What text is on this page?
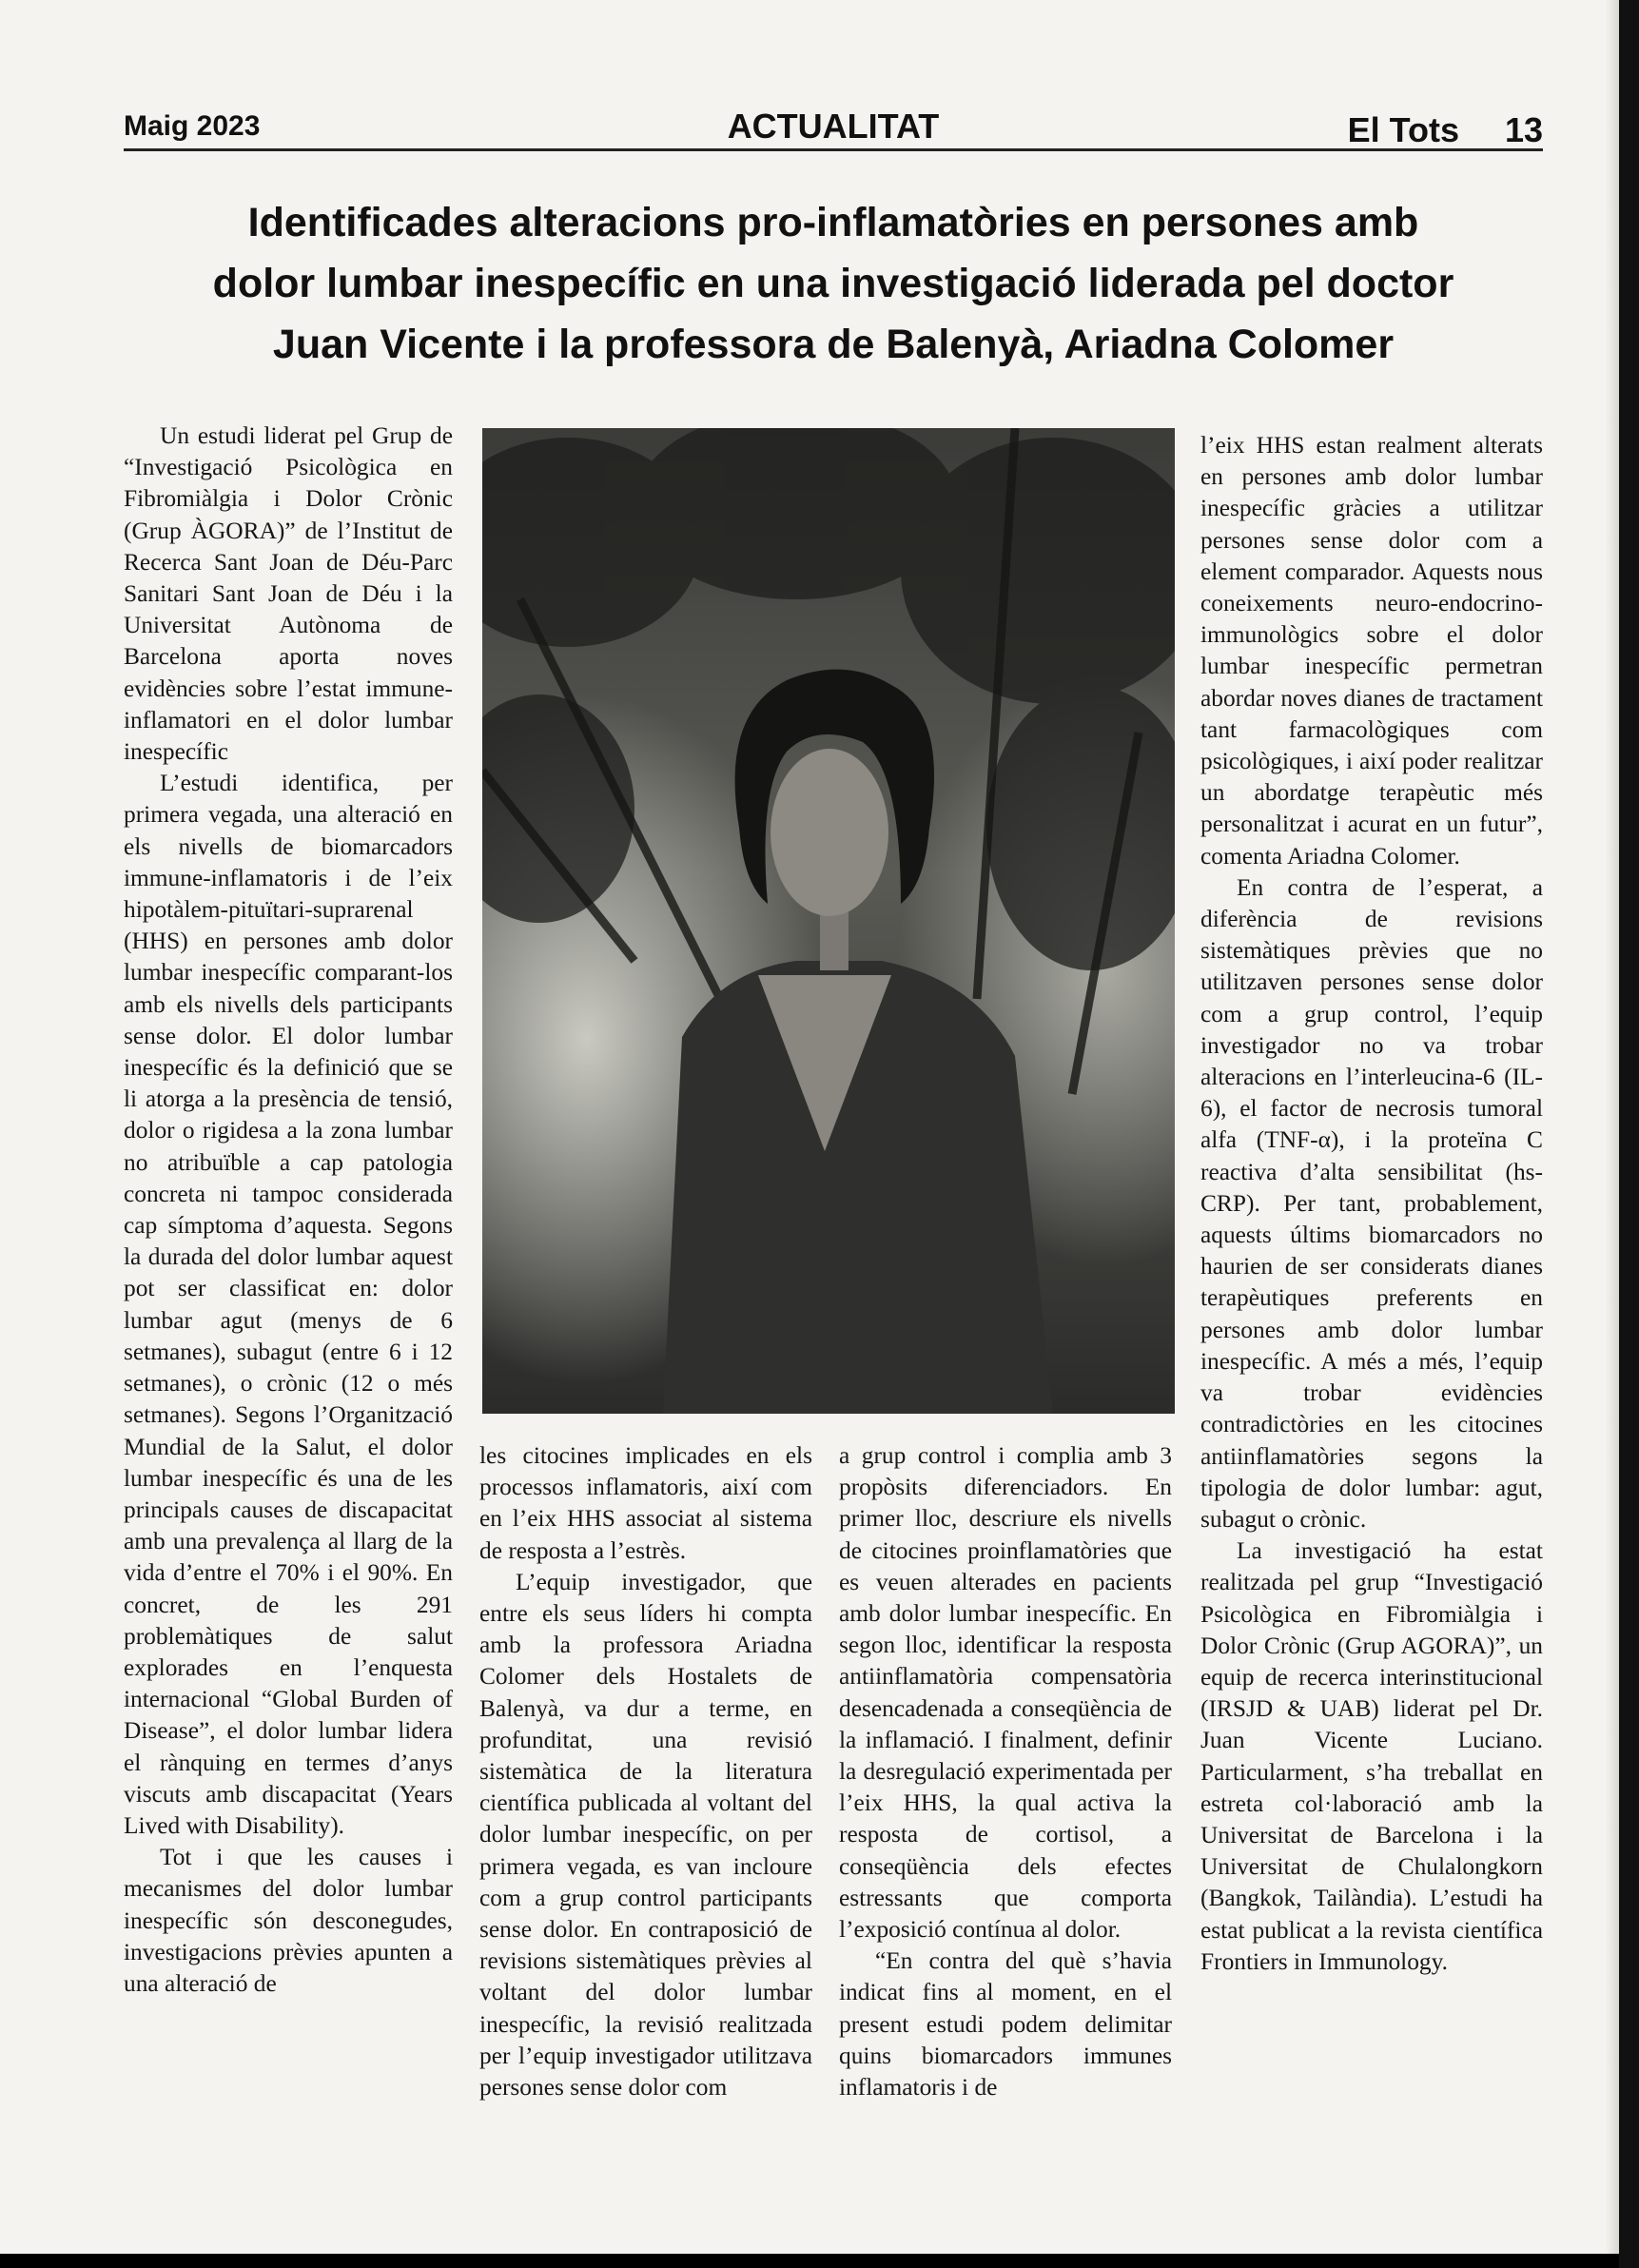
Maig 2023	ACTUALITAT	El Tots 13
Identificades alteracions pro-inflamatòries en persones amb
dolor lumbar inespecífic en una investigació liderada pel doctor
Juan Vicente i la professora de Balenyà, Ariadna Colomer

Un estudi liderat pel Grup de “Investigació Psicològica en Fibromiàlgia i Dolor Crònic (Grup ÀGORA)” de l’Institut de Recerca Sant Joan de Déu-Parc Sanitari Sant Joan de Déu i la Universitat Autònoma de Barcelona aporta noves evidències sobre l’estat immune-inflamatori en el dolor lumbar inespecífic

L’estudi identifica, per primera vegada, una alteració en els nivells de biomarcadors immune-inflamatoris i de l’eix hipotàlem-pituïtari-suprarenal (HHS) en persones amb dolor lumbar inespecífic comparant-los amb els nivells dels participants sense dolor. El dolor lumbar inespecífic és la definició que se li atorga a la presència de tensió, dolor o rigidesa a la zona lumbar no atribuïble a cap patologia concreta ni tampoc considerada cap símptoma d’aquesta. Segons la durada del dolor lumbar aquest pot ser classificat en: dolor lumbar agut (menys de 6 setmanes), subagut (entre 6 i 12 setmanes), o crònic (12 o més setmanes). Segons l’Organització Mundial de la Salut, el dolor lumbar inespecífic és una de les principals causes de discapacitat amb una prevalença al llarg de la vida d’entre el 70% i el 90%. En concret, de les 291 problemàtiques de salut explorades en l’enquesta internacional “Global Burden of Disease”, el dolor lumbar lidera el rànquing en termes d’anys viscuts amb discapacitat (Years Lived with Disability).

Tot i que les causes i mecanismes del dolor lumbar inespecífic són desconegudes, investigacions prèvies apunten a una alteració de

les citocines implicades en els processos inflamatoris, així com en l’eix HHS associat al sistema de resposta a l’estrès.

L’equip investigador, que entre els seus líders hi compta amb la professora Ariadna Colomer dels Hostalets de Balenyà, va dur a terme, en profunditat, una revisió sistemàtica de la literatura científica publicada al voltant del dolor lumbar inespecífic, on per primera vegada, es van incloure com a grup control participants sense dolor. En contraposició de revisions sistemàtiques prèvies al voltant del dolor lumbar inespecífic, la revisió realitzada per l’equip investigador utilitzava persones sense dolor com

a grup control i complia amb 3 propòsits diferenciadors. En primer lloc, descriure els nivells de citocines proinflamatòries que es veuen alterades en pacients amb dolor lumbar inespecífic. En segon lloc, identificar la resposta antiinflamatòria compensatòria desencadenada a conseqüència de la inflamació. I finalment, definir la desregulació experimentada per l’eix HHS, la qual activa la resposta de cortisol, a conseqüència dels efectes estressants que comporta l’exposició contínua al dolor.

“En contra del què s’havia indicat fins al moment, en el present estudi podem delimitar quins biomarcadors immunes inflamatoris i de

l’eix HHS estan realment alterats en persones amb dolor lumbar inespecífic gràcies a utilitzar persones sense dolor com a element comparador. Aquests nous coneixements neuro-endocrino-immunològics sobre el dolor lumbar inespecífic permetran abordar noves dianes de tractament tant farmacològiques com psicològiques, i així poder realitzar un abordatge terapèutic més personalitzat i acurat en un futur”, comenta Ariadna Colomer.

En contra de l’esperat, a diferència de revisions sistemàtiques prèvies que no utilitzaven persones sense dolor com a grup control, l’equip investigador no va trobar alteracions en l’interleucina-6 (IL-6), el factor de necrosis tumoral alfa (TNF-α), i la proteïna C reactiva d’alta sensibilitat (hs-CRP). Per tant, probablement, aquests últims biomarcadors no haurien de ser considerats dianes terapèutiques preferents en persones amb dolor lumbar inespecífic. A més a més, l’equip va trobar evidències contradictòries en les citocines antiinflamatòries segons la tipologia de dolor lumbar: agut, subagut o crònic.

La investigació ha estat realitzada pel grup “Investigació Psicològica en Fibromiàlgia i Dolor Crònic (Grup AGORA)”, un equip de recerca interinstitucional (IRSJD & UAB) liderat pel Dr. Juan Vicente Luciano. Particularment, s’ha treballat en estreta col·laboració amb la Universitat de Barcelona i la Universitat de Chulalongkorn (Bangkok, Tailàndia). L’estudi ha estat publicat a la revista científica Frontiers in Immunology.
